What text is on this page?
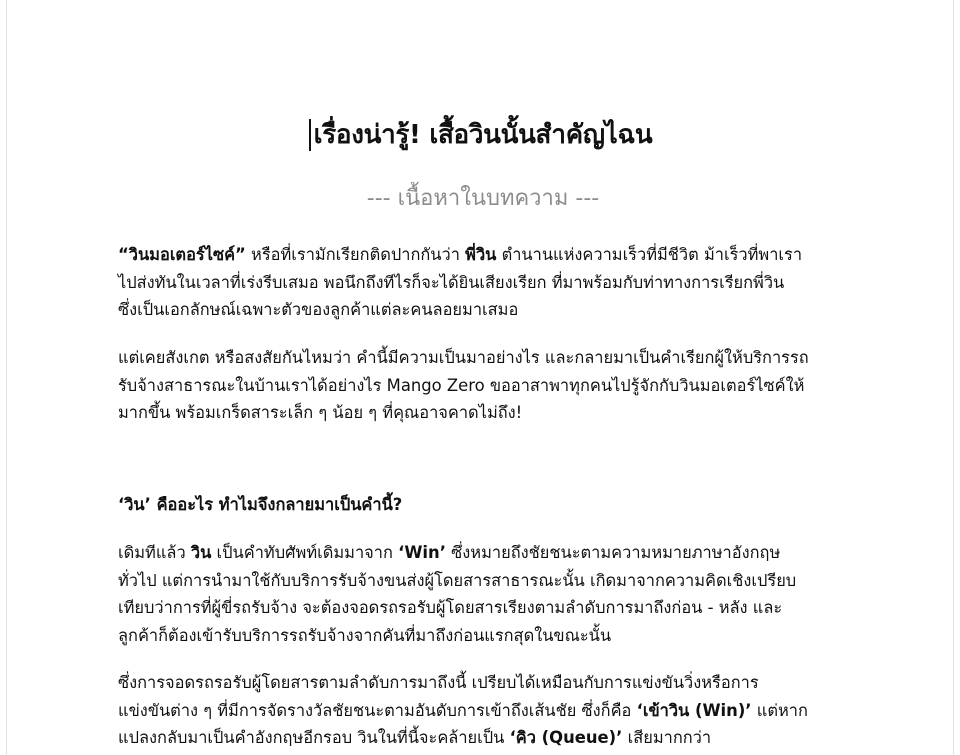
เรื่องน่ารู้! เสื้อวินนั้นสำคัญไฉน
--- เนื้อหาในบทความ ---

“วินมอเตอร์ไซค์” หรือที่เรามักเรียกติดปากกันว่า พี่วิน ตำนานแห่งความเร็วที่มีชีวิต ม้าเร็วที่พาเรา
ไปส่งทันในเวลาที่เร่งรีบเสมอ พอนึกถึงทีไรก็จะได้ยินเสียงเรียก ที่มาพร้อมกับท่าทางการเรียกพี่วิน
ซึ่งเป็นเอกลักษณ์เฉพาะตัวของลูกค้าแต่ละคนลอยมาเสมอ

แต่เคยสังเกต หรือสงสัยกันไหมว่า คำนี้มีความเป็นมาอย่างไร และกลายมาเป็นคำเรียกผู้ให้บริการรถ
รับจ้างสาธารณะในบ้านเราได้อย่างไร Mango Zero ขออาสาพาทุกคนไปรู้จักกับวินมอเตอร์ไซค์ให้
มากขึ้น พร้อมเกร็ดสาระเล็ก ๆ น้อย ๆ ที่คุณอาจคาดไม่ถึง!

‘วิน’ คืออะไร ทำไมจึงกลายมาเป็นคำนี้?

เดิมทีแล้ว วิน เป็นคำทับศัพท์เดิมมาจาก ‘Win’ ซึ่งหมายถึงชัยชนะตามความหมายภาษาอังกฤษ
ทั่วไป แต่การนำมาใช้กับบริการรับจ้างขนส่งผู้โดยสารสาธารณะนั้น เกิดมาจากความคิดเชิงเปรียบ
เทียบว่าการที่ผู้ขี่รถรับจ้าง จะต้องจอดรถรอรับผู้โดยสารเรียงตามลำดับการมาถึงก่อน - หลัง และ
ลูกค้าก็ต้องเข้ารับบริการรถรับจ้างจากคันที่มาถึงก่อนแรกสุดในขณะนั้น

ซึ่งการจอดรถรอรับผู้โดยสารตามลำดับการมาถึงนี้ เปรียบได้เหมือนกับการแข่งขันวิ่งหรือการ
แข่งขันต่าง ๆ ที่มีการจัดรางวัลชัยชนะตามอันดับการเข้าถึงเส้นชัย ซึ่งก็คือ ‘เข้าวิน (Win)’ แต่หาก
แปลงกลับมาเป็นคำอังกฤษอีกรอบ วินในที่นี้จะคล้ายเป็น ‘คิว (Queue)’ เสียมากกว่า
